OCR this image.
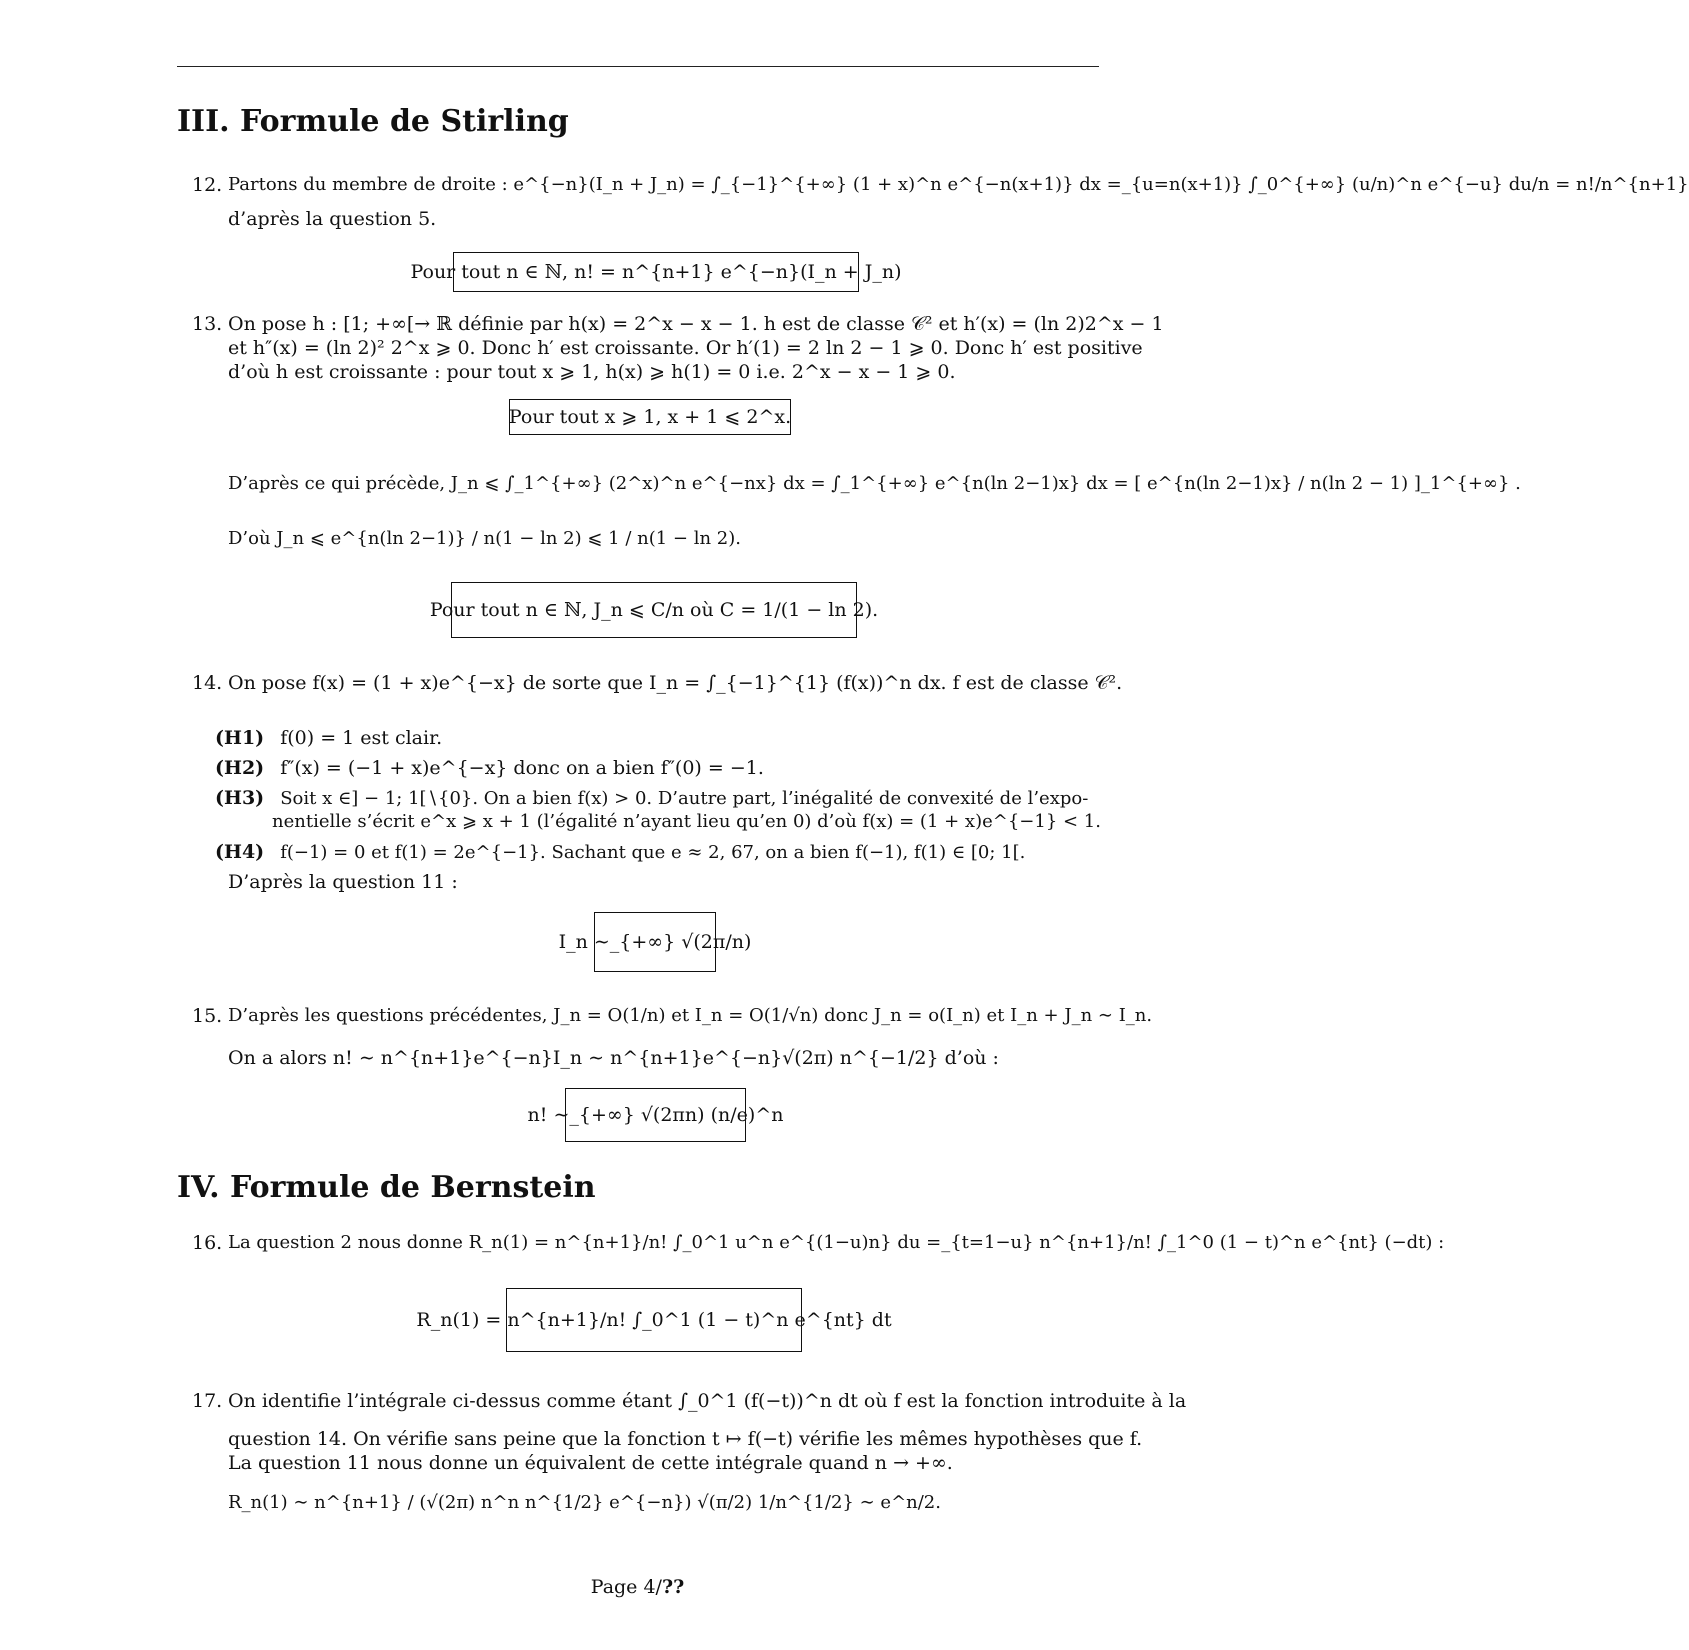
III. Formule de Stirling
12. Partons du membre de droite : e^{−n}(I_n + J_n) = ∫_{−1}^{+∞} (1 + x)^n e^{−n(x+1)} dx =_{u=n(x+1)} ∫_0^{+∞} (u/n)^n e^{−u} du/n = n!/n^{n+1}
d’après la question 5.
Pour tout n ∈ ℕ, n! = n^{n+1} e^{−n}(I_n + J_n)
13. On pose h : [1; +∞[→ ℝ définie par h(x) = 2^x − x − 1. h est de classe 𝒞² et h′(x) = (ln 2)2^x − 1
et h″(x) = (ln 2)² 2^x ⩾ 0. Donc h′ est croissante. Or h′(1) = 2 ln 2 − 1 ⩾ 0. Donc h′ est positive
d’où h est croissante : pour tout x ⩾ 1, h(x) ⩾ h(1) = 0 i.e. 2^x − x − 1 ⩾ 0.
Pour tout x ⩾ 1, x + 1 ⩽ 2^x.
D’après ce qui précède, J_n ⩽ ∫_1^{+∞} (2^x)^n e^{−nx} dx = ∫_1^{+∞} e^{n(ln 2−1)x} dx = [ e^{n(ln 2−1)x} / n(ln 2 − 1) ]_1^{+∞} .
D’où J_n ⩽ e^{n(ln 2−1)} / n(1 − ln 2) ⩽ 1 / n(1 − ln 2).
Pour tout n ∈ ℕ, J_n ⩽ C/n où C = 1/(1 − ln 2).
14. On pose f(x) = (1 + x)e^{−x} de sorte que I_n = ∫_{−1}^{1} (f(x))^n dx. f est de classe 𝒞².
(H1) f(0) = 1 est clair.
(H2) f″(x) = (−1 + x)e^{−x} donc on a bien f″(0) = −1.
(H3) Soit x ∈] − 1; 1[∖{0}. On a bien f(x) > 0. D’autre part, l’inégalité de convexité de l’expo-
nentielle s’écrit e^x ⩾ x + 1 (l’égalité n’ayant lieu qu’en 0) d’où f(x) = (1 + x)e^{−1} < 1.
(H4) f(−1) = 0 et f(1) = 2e^{−1}. Sachant que e ≈ 2, 67, on a bien f(−1), f(1) ∈ [0; 1[.
D’après la question 11 :
I_n ∼_{+∞} √(2π/n)
15. D’après les questions précédentes, J_n = O(1/n) et I_n = O(1/√n) donc J_n = o(I_n) et I_n + J_n ∼ I_n.
On a alors n! ∼ n^{n+1}e^{−n}I_n ∼ n^{n+1}e^{−n}√(2π) n^{−1/2} d’où :
n! ∼_{+∞} √(2πn) (n/e)^n
IV. Formule de Bernstein
16. La question 2 nous donne R_n(1) = n^{n+1}/n! ∫_0^1 u^n e^{(1−u)n} du =_{t=1−u} n^{n+1}/n! ∫_1^0 (1 − t)^n e^{nt} (−dt) :
R_n(1) = n^{n+1}/n! ∫_0^1 (1 − t)^n e^{nt} dt
17. On identifie l’intégrale ci-dessus comme étant ∫_0^1 (f(−t))^n dt où f est la fonction introduite à la
question 14. On vérifie sans peine que la fonction t ↦ f(−t) vérifie les mêmes hypothèses que f.
La question 11 nous donne un équivalent de cette intégrale quand n → +∞.
R_n(1) ∼ n^{n+1} / (√(2π) n^n n^{1/2} e^{−n}) √(π/2) 1/n^{1/2} ∼ e^n/2.
Page 4/??
